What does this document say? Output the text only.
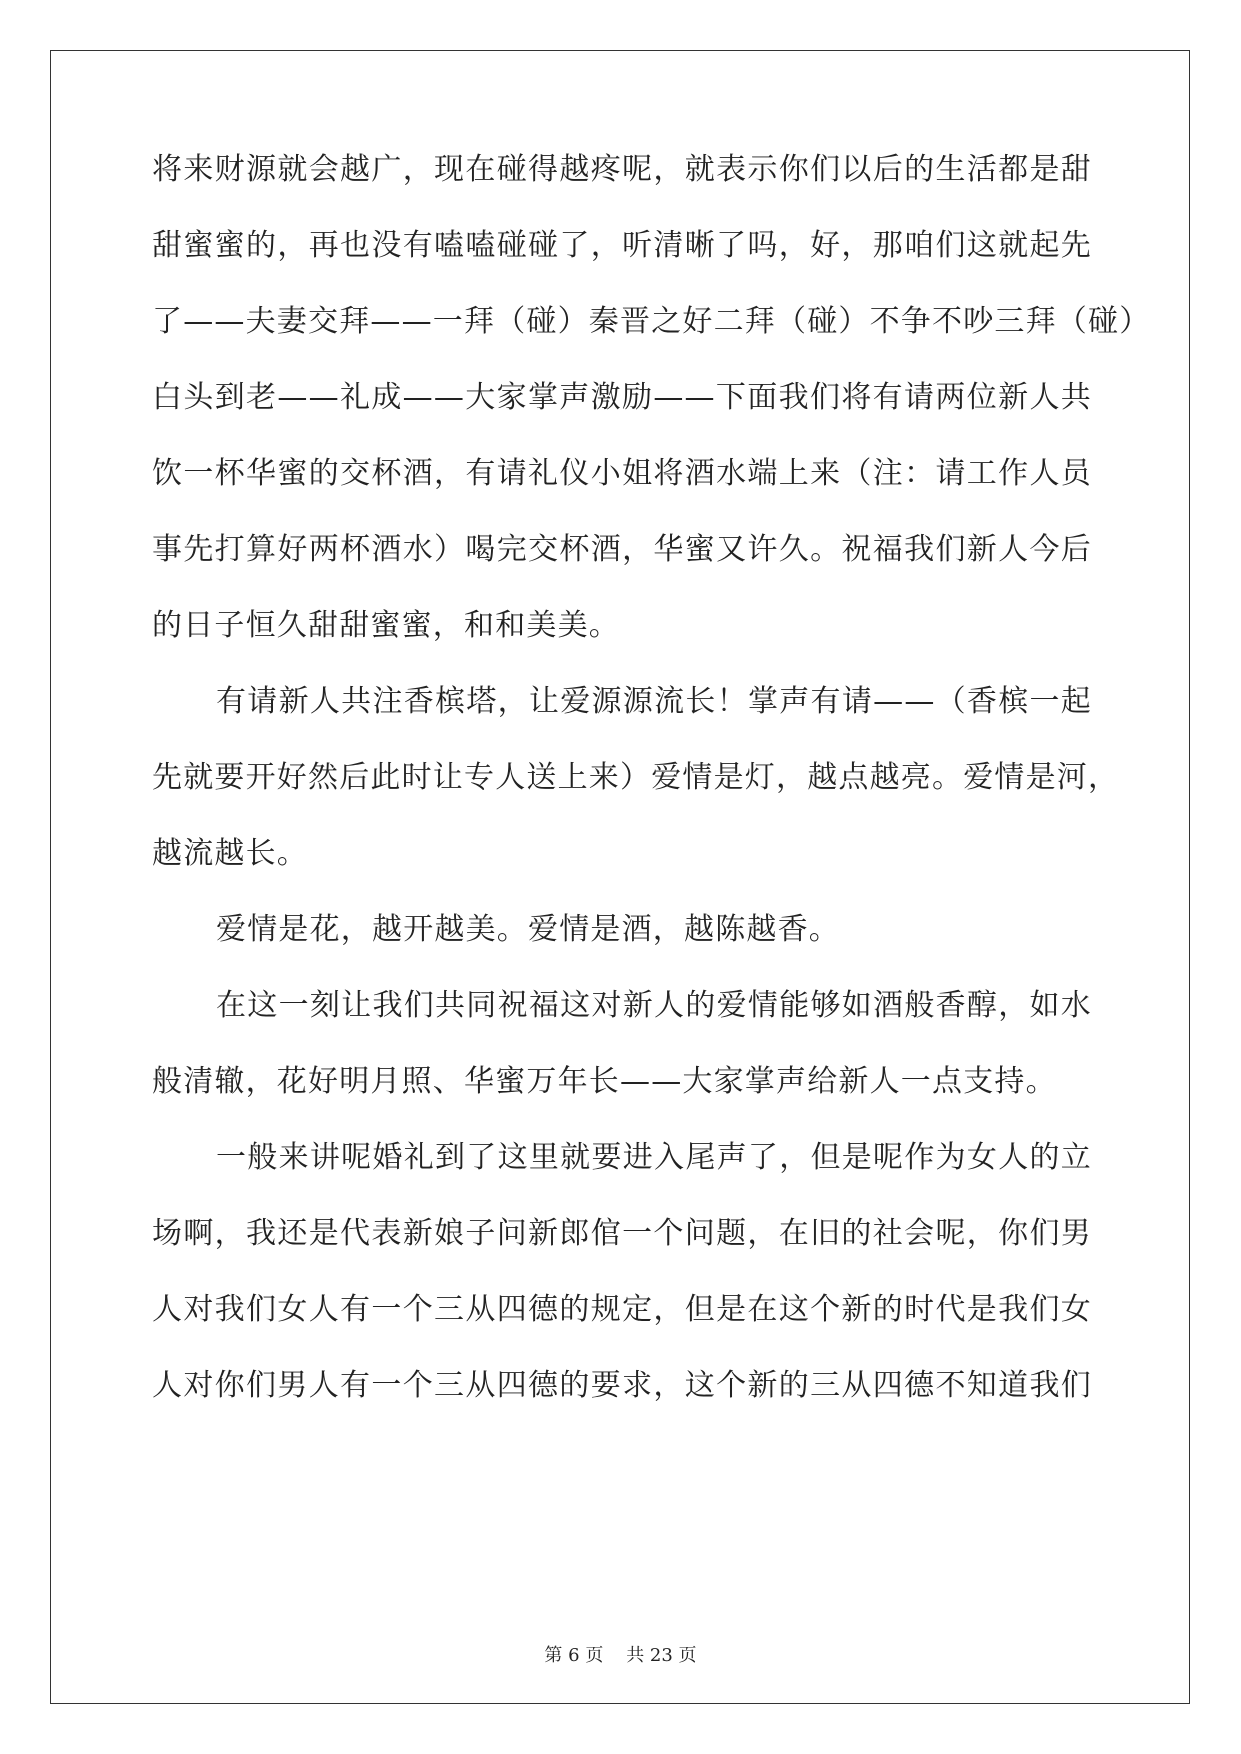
将来财源就会越广，现在碰得越疼呢，就表示你们以后的生活都是甜
甜蜜蜜的，再也没有嗑嗑碰碰了，听清晰了吗，好，那咱们这就起先
了——夫妻交拜——一拜（碰）秦晋之好二拜（碰）不争不吵三拜（碰）
白头到老——礼成——大家掌声激励——下面我们将有请两位新人共
饮一杯华蜜的交杯酒，有请礼仪小姐将酒水端上来（注：请工作人员
事先打算好两杯酒水）喝完交杯酒，华蜜又许久。祝福我们新人今后
的日子恒久甜甜蜜蜜，和和美美。
有请新人共注香槟塔，让爱源源流长！掌声有请——（香槟一起
先就要开好然后此时让专人送上来）爱情是灯，越点越亮。爱情是河，
越流越长。
爱情是花，越开越美。爱情是酒，越陈越香。
在这一刻让我们共同祝福这对新人的爱情能够如酒般香醇，如水
般清辙，花好明月照、华蜜万年长——大家掌声给新人一点支持。
一般来讲呢婚礼到了这里就要进入尾声了，但是呢作为女人的立
场啊，我还是代表新娘子问新郎倌一个问题，在旧的社会呢，你们男
人对我们女人有一个三从四德的规定，但是在这个新的时代是我们女
人对你们男人有一个三从四德的要求，这个新的三从四德不知道我们
第 6 页    共 23 页
